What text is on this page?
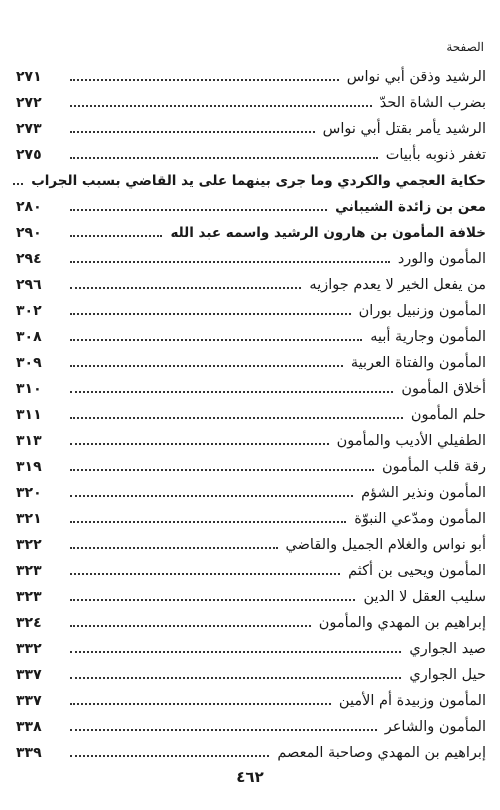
الصفحة
الرشيد وذقن أبي نواس
٢٧١
بضرب الشاة الحدّ
٢٧٢
الرشيد يأمر بقتل أبي نواس
٢٧٣
تغفر ذنوبه بأبيات
٢٧٥
حكاية العجمي والكردي وما جرى بينهما على يد القاضي بسبب الجراب
معن بن زائدة الشيباني
٢٨٠
خلافة المأمون بن هارون الرشيد واسمه عبد الله
٢٩٠
المأمون والورد
٢٩٤
من يفعل الخير لا يعدم جوازيه
٢٩٦
المأمون وزنبيل بوران
٣٠٢
المأمون وجارية أبيه
٣٠٨
المأمون والفتاة العربية
٣٠٩
أخلاق المأمون
٣١٠
حلم المأمون
٣١١
الطفيلي الأديب والمأمون
٣١٣
رقة قلب المأمون
٣١٩
المأمون ونذير الشؤم
٣٢٠
المأمون ومدّعي النبوّة
٣٢١
أبو نواس والغلام الجميل والقاضي
٣٢٢
المأمون ويحيى بن أكثم
٣٢٣
سليب العقل لا الدين
٣٢٣
إبراهيم بن المهدي والمأمون
٣٢٤
صيد الجواري
٣٣٢
حيل الجواري
٣٣٧
المأمون وزبيدة أم الأمين
٣٣٧
المأمون والشاعر
٣٣٨
إبراهيم بن المهدي وصاحبة المعصم
٣٣٩
٤٦٢
